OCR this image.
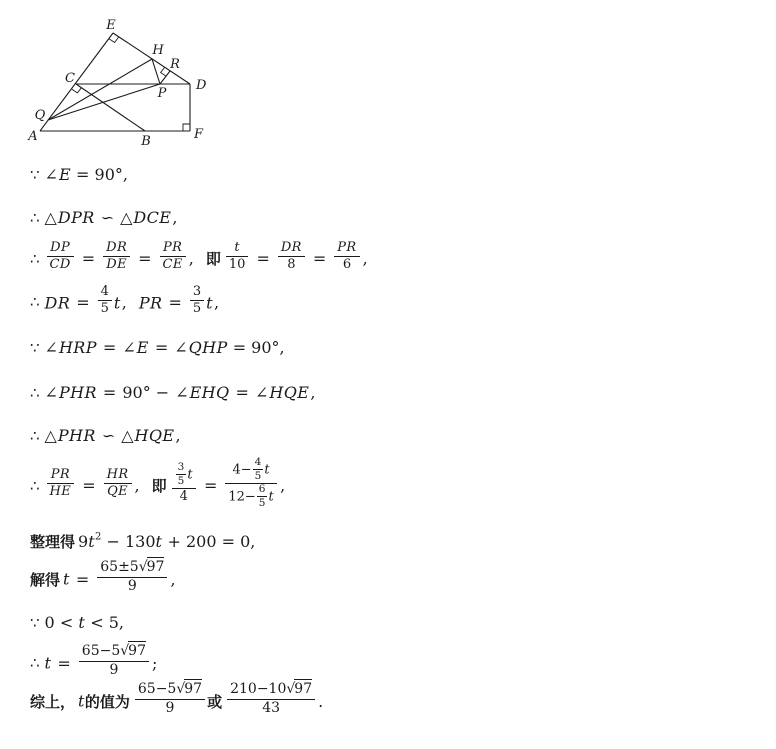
E
H
R
C
P
D
Q
A	B	F
∵ ∠E = 90°,
∴ △DPR ∽ △DCE,
∴ $\frac{DP}{CD} = \frac{DR}{DE} = \frac{PR}{CE}$ , 即 $\frac{t}{10} = \frac{DR}{8} = \frac{PR}{6}$ ,
∴ DR = $\frac{4}{5} t$, PR = $\frac{3}{5} t$,
∵ ∠HRP = ∠E = ∠QHP = 90°,
∴ ∠PHR = 90° − ∠EHQ = ∠HQE,
∴ △PHR ∽ △HQE,
∴ $\frac{PR}{HE} = \frac{HR}{QE}$ , 即 $\frac{\frac{3}{5} t}{4} = \frac{4- \frac{4}{5} t}{12- \frac{6}{5} t}$ ,
整理得 $9t^2 - 130t + 200 = 0$,
解得 $t = \frac{65\pm 5√97}{9}$ ,
∵ 0 < t < 5,
∴ $t = \frac{65-5√97}{9}$ ;
综上， t的值为 $\frac{65-5√97}{9}$ 或 $\frac{210-10√97}{43}$ .
